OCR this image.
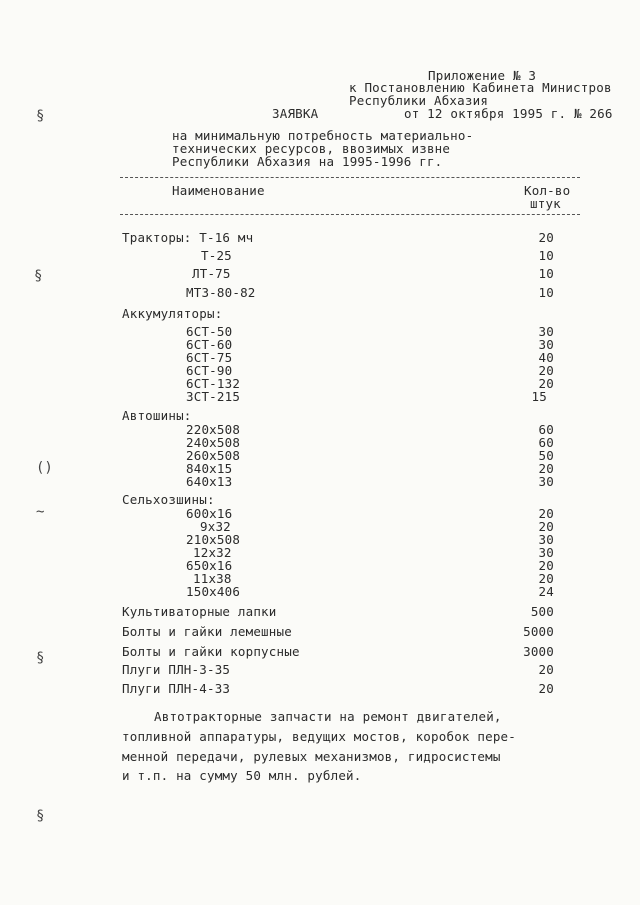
§
§
()
~
§
§
Приложение № 3
к Постановлению Кабинета Министров
Республики Абхазия
от 12 октября 1995 г. № 266
ЗАЯВКА
на минимальную потребность материально-
технических ресурсов, ввозимых извне
Республики Абхазия на 1995-1996 гг.
Наименование	Кол-во
штук
Тракторы: Т-16 мч	20
Т-25	10
ЛТ-75	10
МТЗ-80-82	10
Аккумуляторы:
6СТ-50	30
6СТ-60	30
6СТ-75	40
6СТ-90	20
6СТ-132	20
3СТ-215	15
Автошины:
220х508	60
240х508	60
260х508	50
840х15	20
640х13	30
Сельхозшины:
600х16	20
9х32	20
210х508	30
12х32	30
650х16	20
11х38	20
150х406	24
Культиваторные лапки	500
Болты и гайки лемешные	5000
Болты и гайки корпусные	3000
Плуги ПЛН-3-35	20
Плуги ПЛН-4-33	20
Автотракторные запчасти на ремонт двигателей,
топливной аппаратуры, ведущих мостов, коробок пере-
менной передачи, рулевых механизмов, гидросистемы
и т.п. на сумму 50 млн. рублей.
